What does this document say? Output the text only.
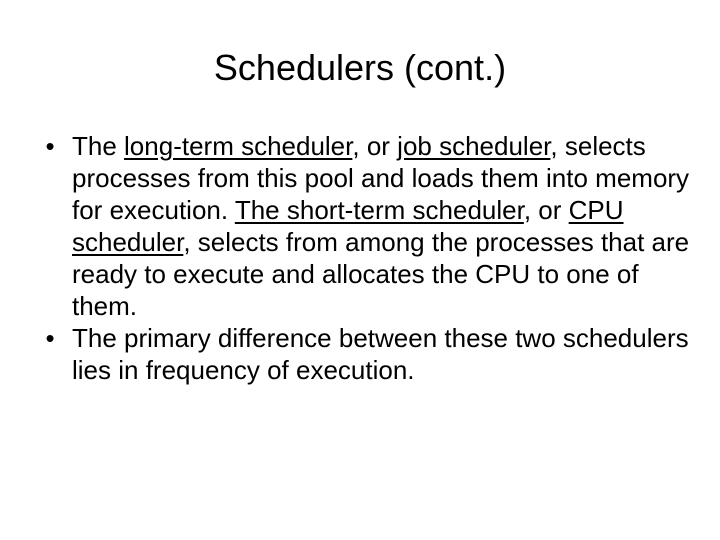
Schedulers (cont.)
• The long-term scheduler, or job scheduler, selects processes from this pool and loads them into memory for execution. The short-term scheduler, or CPU scheduler, selects from among the processes that are ready to execute and allocates the CPU to one of them.
• The primary difference between these two schedulers lies in frequency of execution.
